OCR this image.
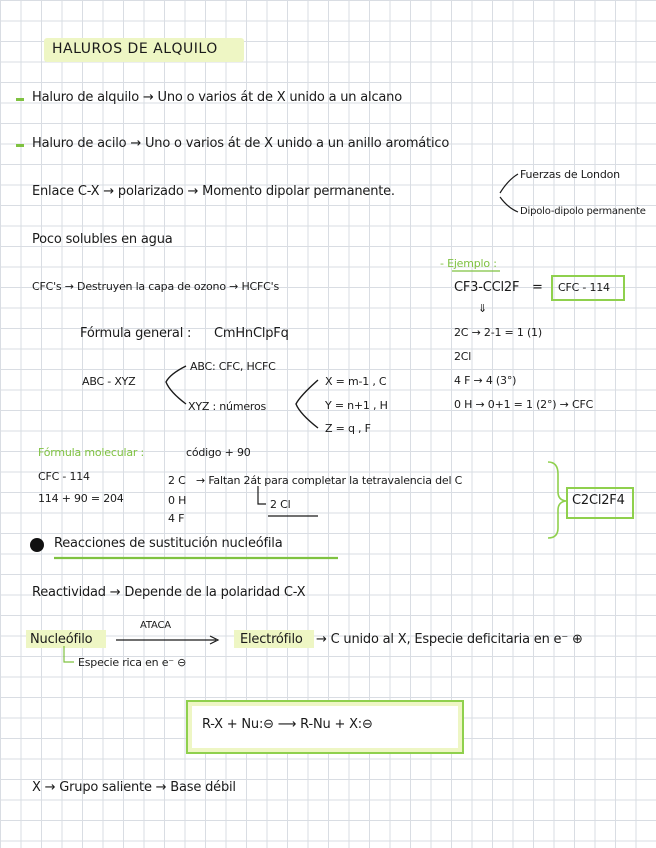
HALUROS DE ALQUILO
Haluro de alquilo → Uno o varios át de X unido a un alcano
Haluro de acilo → Uno o varios át de X unido a un anillo aromático
Enlace C-X → polarizado → Momento dipolar permanente.
Fuerzas de London
Dipolo-dipolo permanente
Poco solubles en agua
CFC's → Destruyen la capa de ozono → HCFC's
Fórmula general : CmHnClpFq
ABC - XYZ
ABC: CFC, HCFC
XYZ : números
X = m-1 , C
Y = n+1 , H
Z = q , F
- Ejemplo :
CF3-CCl2F = CFC - 114
⇓
2C → 2-1 = 1 (1)
2Cl
4 F → 4 (3°)
0 H → 0+1 = 1 (2°) → CFC
Fórmula molecular :	código + 90
CFC - 114
114 + 90 = 204
2 C
0 H
4 F
→ Faltan 2át para completar la tetravalencia del C
2 Cl	C2Cl2F4
Reacciones de sustitución nucleófila
Reactividad → Depende de la polaridad C-X
Nucleófilo
ATACA
Electrófilo → C unido al X, Especie deficitaria en e⁻ ⊕
Especie rica en e⁻ ⊖
R-X + Nu:⊖ ⟶ R-Nu + X:⊖
X → Grupo saliente → Base débil
